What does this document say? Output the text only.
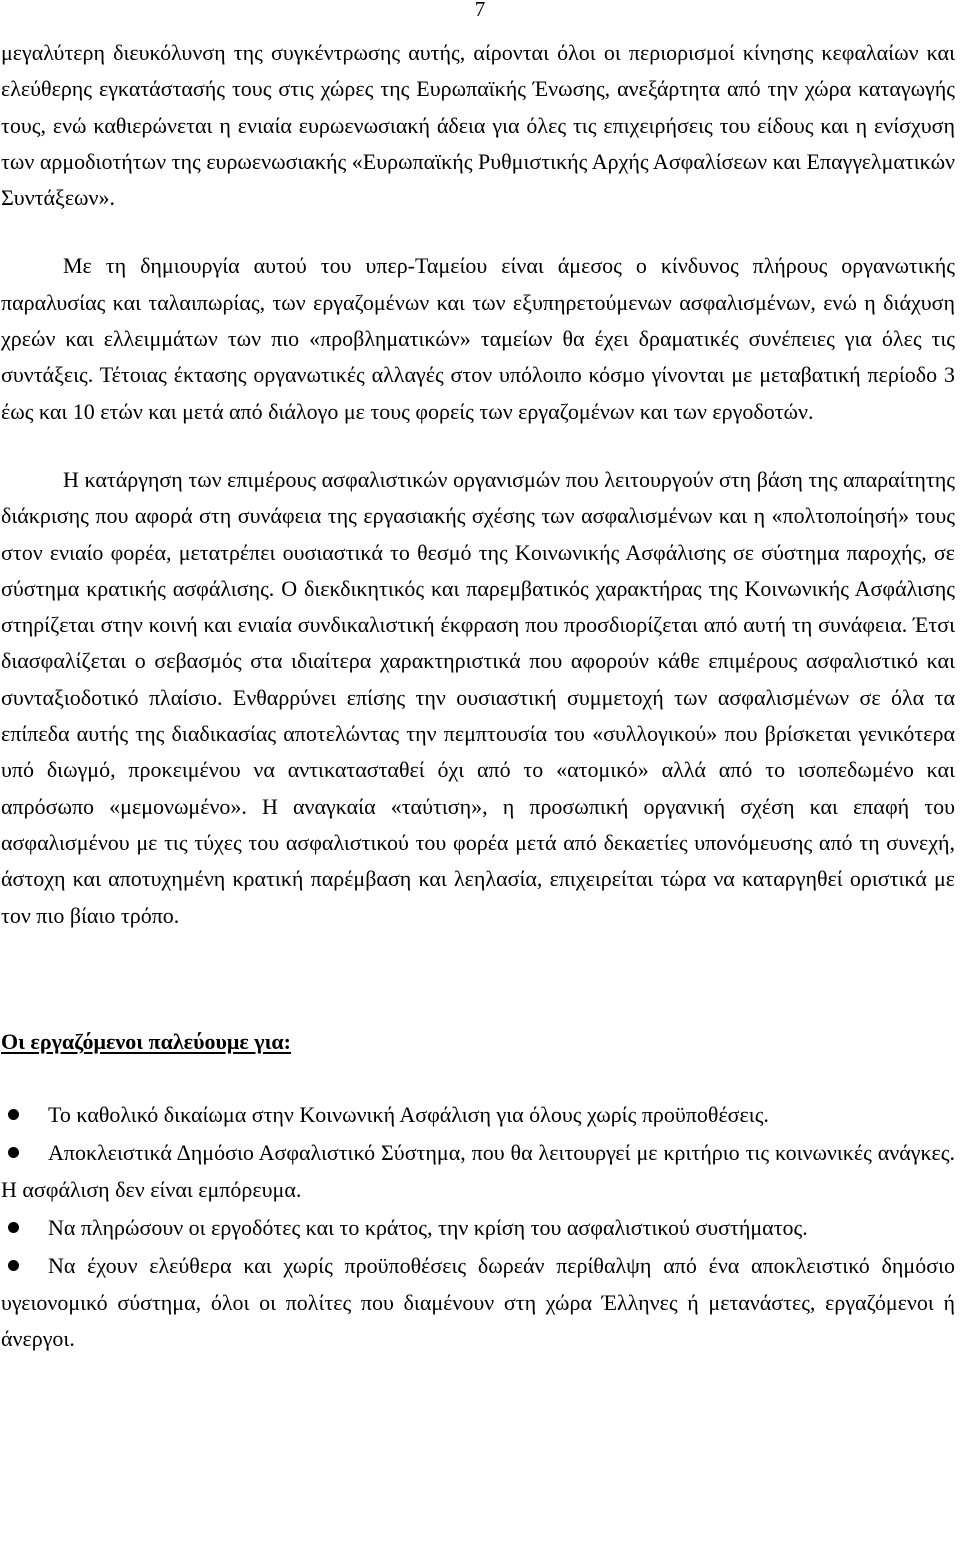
7

μεγαλύτερη διευκόλυνση της συγκέντρωσης αυτής, αίρονται όλοι οι περιορισμοί κίνησης κεφαλαίων και ελεύθερης εγκατάστασής τους στις χώρες της Ευρωπαϊκής Ένωσης, ανεξάρτητα από την χώρα καταγωγής τους, ενώ καθιερώνεται η ενιαία ευρωενωσιακή άδεια για όλες τις επιχειρήσεις του είδους και η ενίσχυση των αρμοδιοτήτων της ευρωενωσιακής «Ευρωπαϊκής Ρυθμιστικής Αρχής Ασφαλίσεων και Επαγγελματικών Συντάξεων».

Με τη δημιουργία αυτού του υπερ-Ταμείου είναι άμεσος ο κίνδυνος πλήρους οργανωτικής παραλυσίας και ταλαιπωρίας, των εργαζομένων και των εξυπηρετούμενων ασφαλισμένων, ενώ η διάχυση χρεών και ελλειμμάτων των πιο «προβληματικών» ταμείων θα έχει δραματικές συνέπειες για όλες τις συντάξεις. Τέτοιας έκτασης οργανωτικές αλλαγές στον υπόλοιπο κόσμο γίνονται με μεταβατική περίοδο 3 έως και 10 ετών και μετά από διάλογο με τους φορείς των εργαζομένων και των εργοδοτών.

Η κατάργηση των επιμέρους ασφαλιστικών οργανισμών που λειτουργούν στη βάση της απαραίτητης διάκρισης που αφορά στη συνάφεια της εργασιακής σχέσης των ασφαλισμένων και η «πολτοποίησή» τους στον ενιαίο φορέα, μετατρέπει ουσιαστικά το θεσμό της Κοινωνικής Ασφάλισης σε σύστημα παροχής, σε σύστημα κρατικής ασφάλισης. Ο διεκδικητικός και παρεμβατικός χαρακτήρας της Κοινωνικής Ασφάλισης στηρίζεται στην κοινή και ενιαία συνδικαλιστική έκφραση που προσδιορίζεται από αυτή τη συνάφεια. Έτσι διασφαλίζεται ο σεβασμός στα ιδιαίτερα χαρακτηριστικά που αφορούν κάθε επιμέρους ασφαλιστικό και συνταξιοδοτικό πλαίσιο. Ενθαρρύνει επίσης την ουσιαστική συμμετοχή των ασφαλισμένων σε όλα τα επίπεδα αυτής της διαδικασίας αποτελώντας την πεμπτουσία του «συλλογικού» που βρίσκεται γενικότερα υπό διωγμό, προκειμένου να αντικατασταθεί όχι από το «ατομικό» αλλά από το ισοπεδωμένο και απρόσωπο «μεμονωμένο». Η αναγκαία «ταύτιση», η προσωπική οργανική σχέση και επαφή του ασφαλισμένου με τις τύχες του ασφαλιστικού του φορέα μετά από δεκαετίες υπονόμευσης από τη συνεχή, άστοχη και αποτυχημένη κρατική παρέμβαση και λεηλασία, επιχειρείται τώρα να καταργηθεί οριστικά με τον πιο βίαιο τρόπο.

Οι εργαζόμενοι παλεύουμε για:

Το καθολικό δικαίωμα στην Κοινωνική Ασφάλιση για όλους χωρίς προϋποθέσεις.
Αποκλειστικά Δημόσιο Ασφαλιστικό Σύστημα, που θα λειτουργεί με κριτήριο τις κοινωνικές ανάγκες. Η ασφάλιση δεν είναι εμπόρευμα.
Να πληρώσουν οι εργοδότες και το κράτος, την κρίση του ασφαλιστικού συστήματος.
Να έχουν ελεύθερα και χωρίς προϋποθέσεις δωρεάν περίθαλψη από ένα αποκλειστικό δημόσιο υγειονομικό σύστημα, όλοι οι πολίτες που διαμένουν στη χώρα Έλληνες ή μετανάστες, εργαζόμενοι ή άνεργοι.
